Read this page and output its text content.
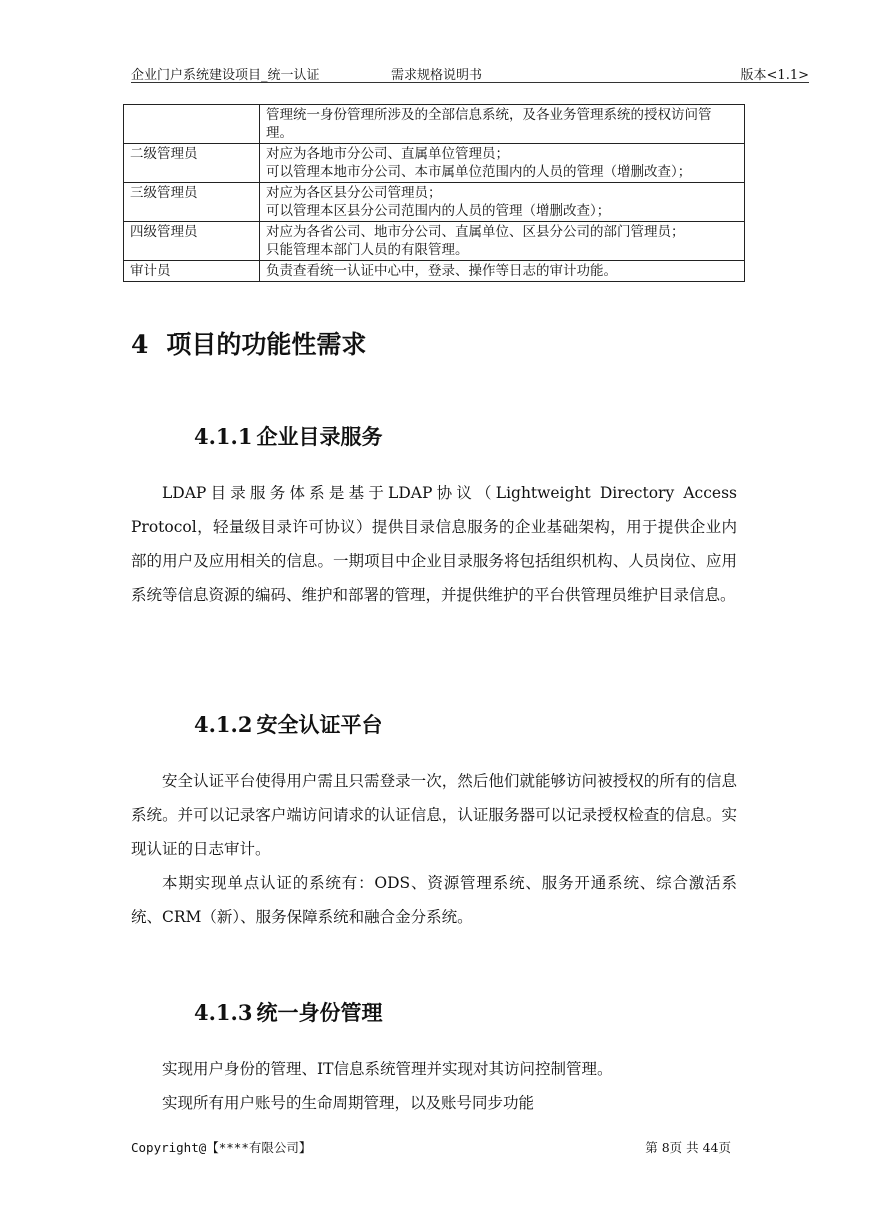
企业门户系统建设项目_统一认证	需求规格说明书	版本<1.1>
	管理统一身份管理所涉及的全部信息系统，及各业务管理系统的授权访问管理。
二级管理员	对应为各地市分公司、直属单位管理员；
可以管理本地市分公司、本市属单位范围内的人员的管理（增删改查）；
三级管理员	对应为各区县分公司管理员；
可以管理本区县分公司范围内的人员的管理（增删改查）；
四级管理员	对应为各省公司、地市分公司、直属单位、区县分公司的部门管理员；
只能管理本部门人员的有限管理。
审计员	负责查看统一认证中心中，登录、操作等日志的审计功能。
4 项目的功能性需求
4.1.1 企业目录服务

LDAP目录服务体系是基于LDAP协议（Lightweight Directory Access Protocol，轻量级目录许可协议）提供目录信息服务的企业基础架构，用于提供企业内部的用户及应用相关的信息。一期项目中企业目录服务将包括组织机构、人员岗位、应用系统等信息资源的编码、维护和部署的管理，并提供维护的平台供管理员维护目录信息。

4.1.2 安全认证平台

安全认证平台使得用户需且只需登录一次，然后他们就能够访问被授权的所有的信息系统。并可以记录客户端访问请求的认证信息，认证服务器可以记录授权检查的信息。实现认证的日志审计。

本期实现单点认证的系统有：ODS、资源管理系统、服务开通系统、综合激活系统、CRM（新）、服务保障系统和融合金分系统。

4.1.3 统一身份管理

实现用户身份的管理、IT信息系统管理并实现对其访问控制管理。

实现所有用户账号的生命周期管理，以及账号同步功能

Copyright@【****有限公司】	第 8页 共 44页
